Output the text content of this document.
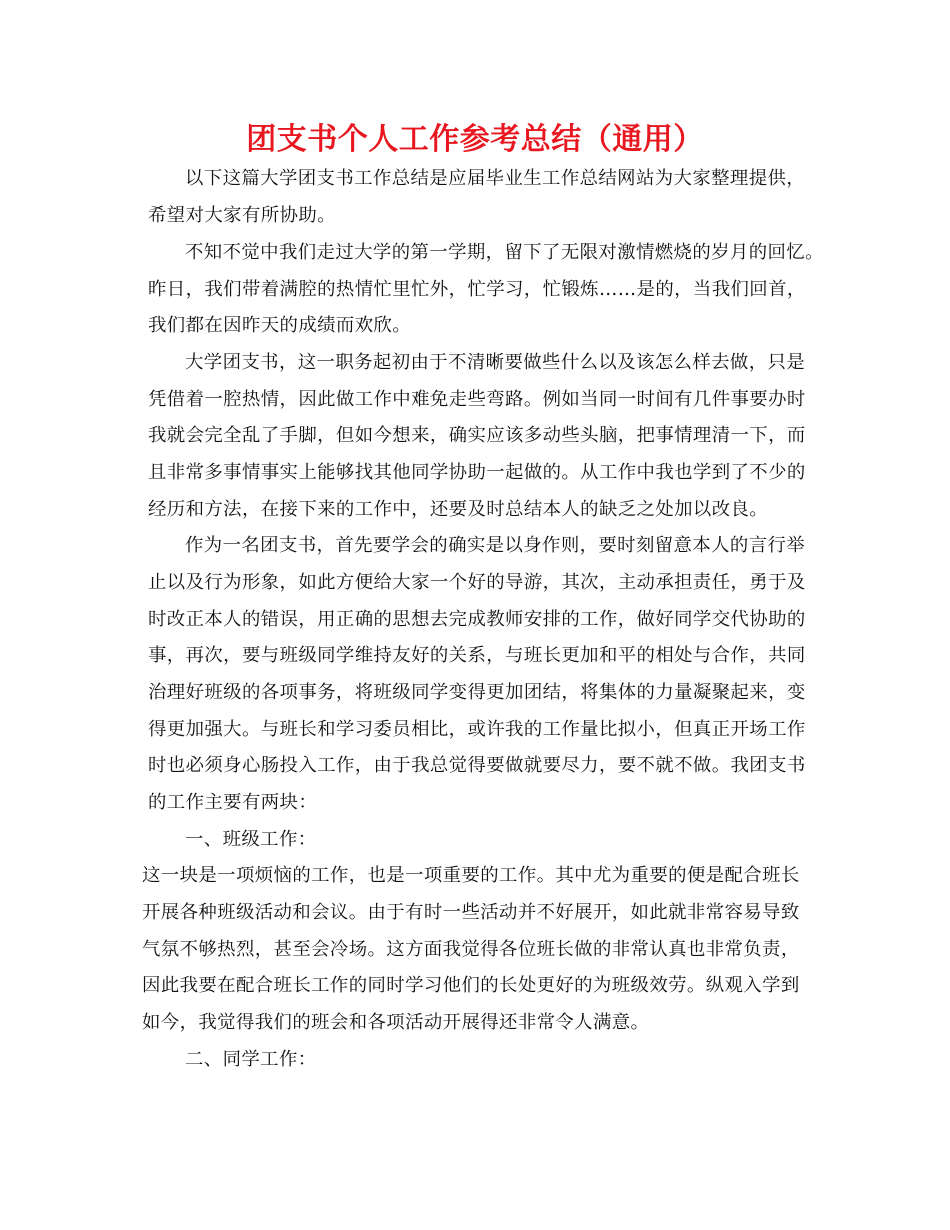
团支书个人工作参考总结（通用）
以下这篇大学团支书工作总结是应届毕业生工作总结网站为大家整理提供，
希望对大家有所协助。
不知不觉中我们走过大学的第一学期，留下了无限对激情燃烧的岁月的回忆。
昨日，我们带着满腔的热情忙里忙外，忙学习，忙锻炼……是的，当我们回首，
我们都在因昨天的成绩而欢欣。
大学团支书，这一职务起初由于不清晰要做些什么以及该怎么样去做，只是
凭借着一腔热情，因此做工作中难免走些弯路。例如当同一时间有几件事要办时
我就会完全乱了手脚，但如今想来，确实应该多动些头脑，把事情理清一下，而
且非常多事情事实上能够找其他同学协助一起做的。从工作中我也学到了不少的
经历和方法，在接下来的工作中，还要及时总结本人的缺乏之处加以改良。
作为一名团支书，首先要学会的确实是以身作则，要时刻留意本人的言行举
止以及行为形象，如此方便给大家一个好的导游，其次，主动承担责任，勇于及
时改正本人的错误，用正确的思想去完成教师安排的工作，做好同学交代协助的
事，再次，要与班级同学维持友好的关系，与班长更加和平的相处与合作，共同
治理好班级的各项事务，将班级同学变得更加团结，将集体的力量凝聚起来，变
得更加强大。与班长和学习委员相比，或许我的工作量比拟小，但真正开场工作
时也必须身心肠投入工作，由于我总觉得要做就要尽力，要不就不做。我团支书
的工作主要有两块：
一、班级工作：
这一块是一项烦恼的工作，也是一项重要的工作。其中尤为重要的便是配合班长
开展各种班级活动和会议。由于有时一些活动并不好展开，如此就非常容易导致
气氛不够热烈，甚至会冷场。这方面我觉得各位班长做的非常认真也非常负责，
因此我要在配合班长工作的同时学习他们的长处更好的为班级效劳。纵观入学到
如今，我觉得我们的班会和各项活动开展得还非常令人满意。
二、同学工作：
